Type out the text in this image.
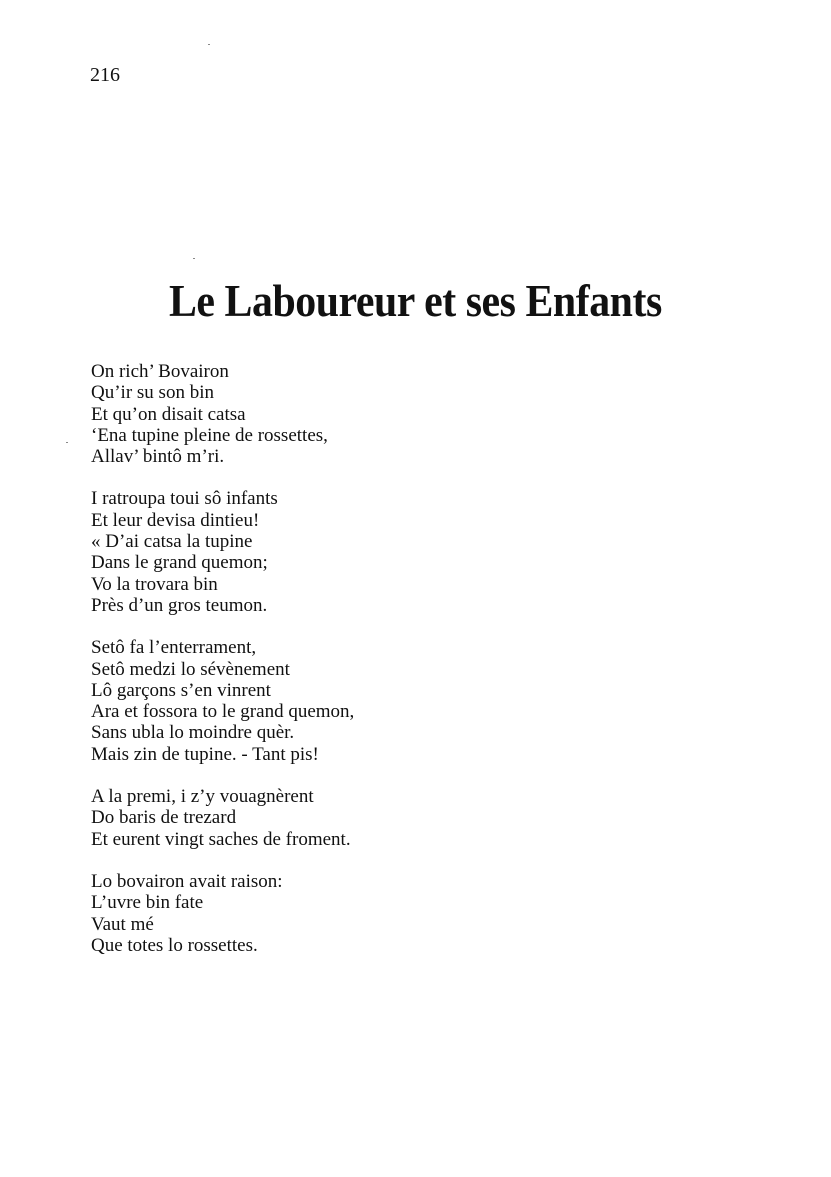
216
Le Laboureur et ses Enfants
On rich’ Bovairon
Qu’ir su son bin
Et qu’on disait catsa
‘Ena tupine pleine de rossettes,
Allav’ bintô m’ri.
I ratroupa toui sô infants
Et leur devisa dintieu!
« D’ai catsa la tupine
Dans le grand quemon;
Vo la trovara bin
Près d’un gros teumon.
Setô fa l’enterrament,
Setô medzi lo sévènement
Lô garçons s’en vinrent
Ara et fossora to le grand quemon,
Sans ubla lo moindre quèr.
Mais zin de tupine. - Tant pis!
A la premi, i z’y vouagnèrent
Do baris de trezard
Et eurent vingt saches de froment.
Lo bovairon avait raison:
L’uvre bin fate
Vaut mé
Que totes lo rossettes.
